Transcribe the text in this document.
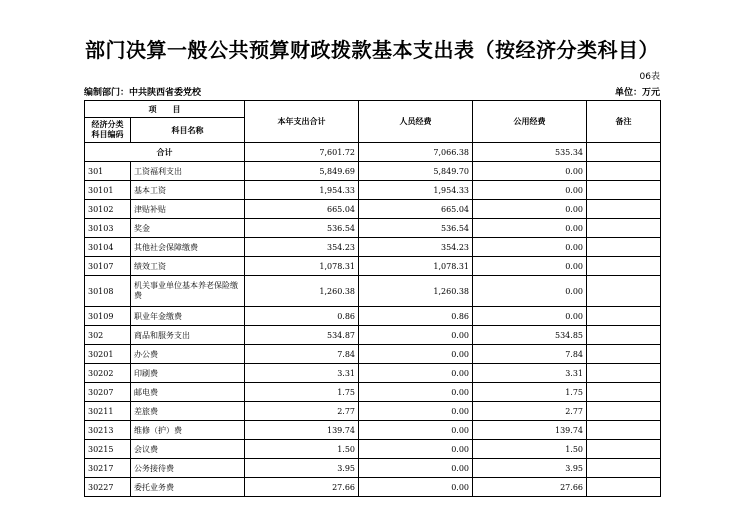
部门决算一般公共预算财政拨款基本支出表（按经济分类科目）
06表
编制部门：中共陕西省委党校	单位：万元
项　　目		本年支出合计	人员经费	公用经费	备注
经济分类科目编码	科目名称				
合计		7,601.72	7,066.38	535.34	
301	工资福利支出	5,849.69	5,849.70	0.00	
30101	基本工资	1,954.33	1,954.33	0.00	
30102	津贴补贴	665.04	665.04	0.00	
30103	奖金	536.54	536.54	0.00	
30104	其他社会保障缴费	354.23	354.23	0.00	
30107	绩效工资	1,078.31	1,078.31	0.00	
30108	机关事业单位基本养老保险缴费	1,260.38	1,260.38	0.00	
30109	职业年金缴费	0.86	0.86	0.00	
302	商品和服务支出	534.87	0.00	534.85	
30201	办公费	7.84	0.00	7.84	
30202	印刷费	3.31	0.00	3.31	
30207	邮电费	1.75	0.00	1.75	
30211	差旅费	2.77	0.00	2.77	
30213	维修（护）费	139.74	0.00	139.74	
30215	会议费	1.50	0.00	1.50	
30217	公务接待费	3.95	0.00	3.95	
30227	委托业务费	27.66	0.00	27.66	
